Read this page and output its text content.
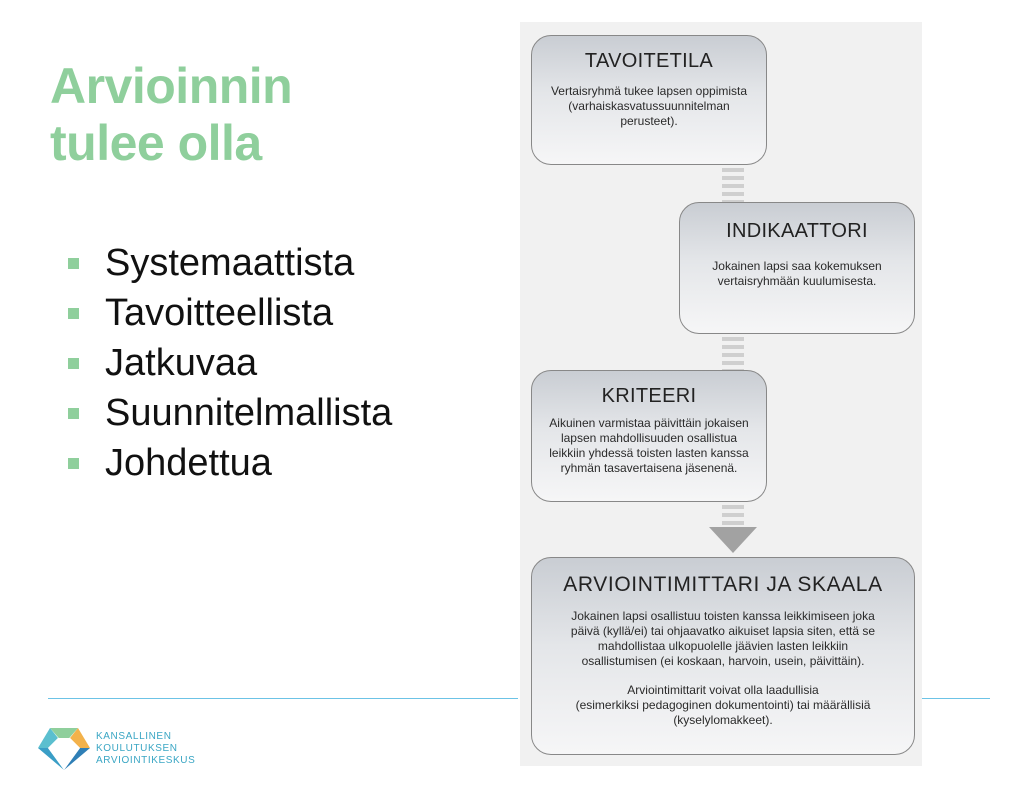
Arvioinnin
tulee olla
Systemaattista
Tavoitteellista
Jatkuvaa
Suunnitelmallista
Johdettua
KANSALLINEN
KOULUTUKSEN
ARVIOINTIKESKUS
TAVOITETILA

Vertaisryhmä tukee lapsen oppimista
(varhaiskasvatussuunnitelman
perusteet).

INDIKAATTORI

Jokainen lapsi saa kokemuksen
vertaisryhmään kuulumisesta.

KRITEERI

Aikuinen varmistaa päivittäin jokaisen
lapsen mahdollisuuden osallistua
leikkiin yhdessä toisten lasten kanssa
ryhmän tasavertaisena jäsenenä.

ARVIOINTIMITTARI JA SKAALA

Jokainen lapsi osallistuu toisten kanssa leikkimiseen joka
päivä (kyllä/ei) tai ohjaavatko aikuiset lapsia siten, että se
mahdollistaa ulkopuolelle jäävien lasten leikkiin
osallistumisen (ei koskaan, harvoin, usein, päivittäin).

Arviointimittarit voivat olla laadullisia
(esimerkiksi pedagoginen dokumentointi) tai määrällisiä
(kyselylomakkeet).
